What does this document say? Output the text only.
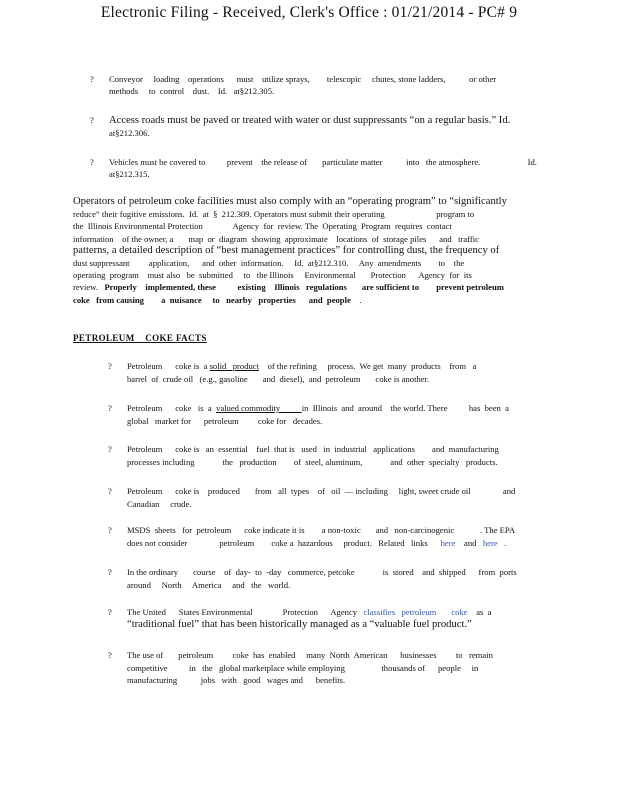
Electronic Filing - Received, Clerk's Office : 01/21/2014 - PC# 9
? Conveyor     loading    operations      must    utilize sprays,        telescopic     chutes, stone ladders,           or other
methods     to  control    dust.    Id.   at§212.305.
? Access roads must be paved or treated with water or dust suppressants “on a regular basis.” Id.
at§212.306.
? Vehicles must be covered to          prevent    the release of       particulate matter           into   the atmosphere.                      Id.
at§212.315.
Operators of petroleum coke facilities must also comply with an “operating program” to “significantly
reduce” their fugitive emissions.  Id.  at  §  212.309. Operators must submit their operating                        program to
the  Illinois Environmental Protection              Agency  for  review. The  Operating  Program  requires  contact
information    of the owner, a       map  or  diagram  showing  approximate    locations  of  storage piles      and   traffic
patterns, a detailed description of “best management practices” for controlling dust, the frequency of
dust suppressant         application,      and  other  information.     Id.  at§212.310.     Any  amendments        to    the
operating  program    must also   be  submitted     to   the Illinois     Environmental       Protection      Agency  for  its
review. Properly    implemented, these          existing    Illinois   regulations       are sufficient to        prevent petroleum
coke   from causing        a  nuisance     to   nearby   properties      and  people .
PETROLEUM    COKE FACTS
? Petroleum      coke is  a solid   product    of the refining     process.  We get  many  products    from   a
barrel  of  crude oil   (e.g., gasoline       and  diesel),  and  petroleum       coke is another.
? Petroleum      coke   is  a  valued commodity          in  Illinois  and  around    the world. There          has  been  a
global   market for      petroleum         coke for   decades.
? Petroleum      coke is   an  essential    fuel  that is   used   in  industrial   applications        and  manufacturing
processes including             the   production        of  steel, aluminum,             and  other  specialty   products.
? Petroleum      coke is    produced       from   all  types    of   oil  — including     light, sweet crude oil               and
Canadian     crude.
? MSDS  sheets   for  petroleum      coke indicate it is        a non-toxic       and   non-carcinogenic            . The EPA
does not consider               petroleum        coke a  hazardous     product.   Related   links      here    and   here   .
? In the ordinary       course    of  day-  to  -day   commerce, petcoke             is  stored    and  shipped      from  ports
around     North     America     and   the   world.
? The United      States Environmental              Protection      Agency   classifies   petroleum       coke    as  a
“traditional fuel” that has been historically managed as a “valuable fuel product.”
? The use of       petroleum         coke  has  enabled     many  North  American      businesses         to   remain
competitive          in   the   global marketplace while employing                 thousands of      people     in
manufacturing           jobs   with   good   wages and      benefits.
